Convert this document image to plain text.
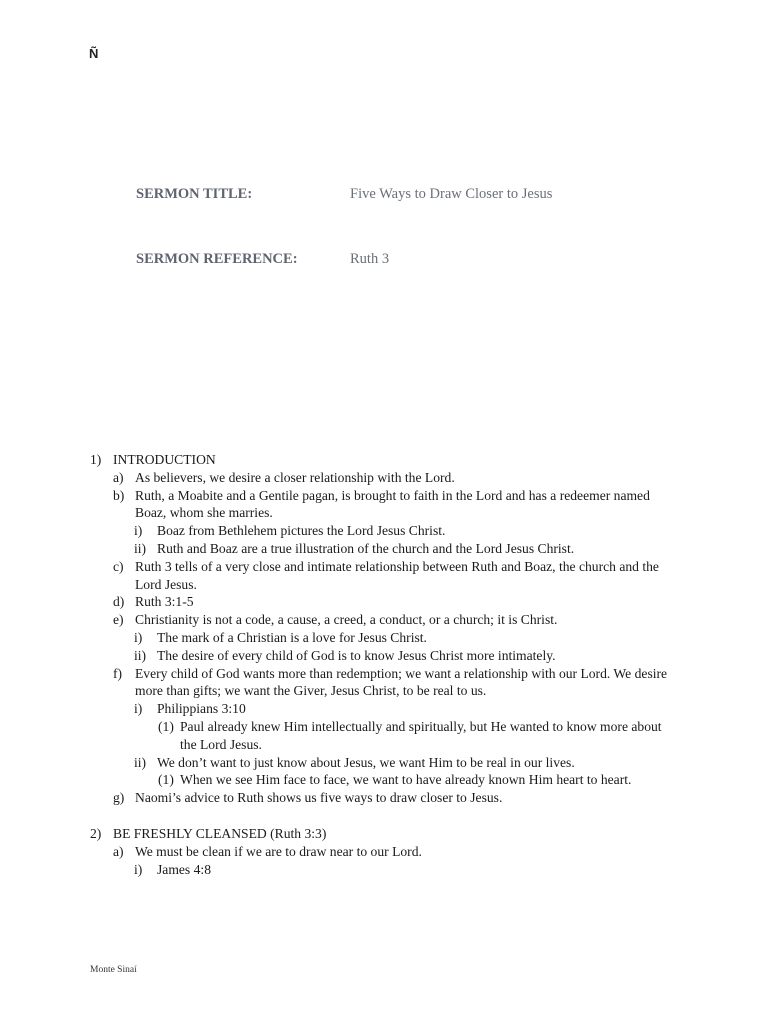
Ñ
SERMON TITLE:	Five Ways to Draw Closer to Jesus
SERMON REFERENCE:	Ruth 3
1) INTRODUCTION
a) As believers, we desire a closer relationship with the Lord.
b) Ruth, a Moabite and a Gentile pagan, is brought to faith in the Lord and has a redeemer named Boaz, whom she marries.
i) Boaz from Bethlehem pictures the Lord Jesus Christ.
ii) Ruth and Boaz are a true illustration of the church and the Lord Jesus Christ.
c) Ruth 3 tells of a very close and intimate relationship between Ruth and Boaz, the church and the Lord Jesus.
d) Ruth 3:1-5
e) Christianity is not a code, a cause, a creed, a conduct, or a church; it is Christ.
i) The mark of a Christian is a love for Jesus Christ.
ii) The desire of every child of God is to know Jesus Christ more intimately.
f) Every child of God wants more than redemption; we want a relationship with our Lord. We desire more than gifts; we want the Giver, Jesus Christ, to be real to us.
i) Philippians 3:10
(1) Paul already knew Him intellectually and spiritually, but He wanted to know more about the Lord Jesus.
ii) We don’t want to just know about Jesus, we want Him to be real in our lives.
(1) When we see Him face to face, we want to have already known Him heart to heart.
g) Naomi’s advice to Ruth shows us five ways to draw closer to Jesus.
2) BE FRESHLY CLEANSED (Ruth 3:3)
a) We must be clean if we are to draw near to our Lord.
i) James 4:8
Monte Sinaí
